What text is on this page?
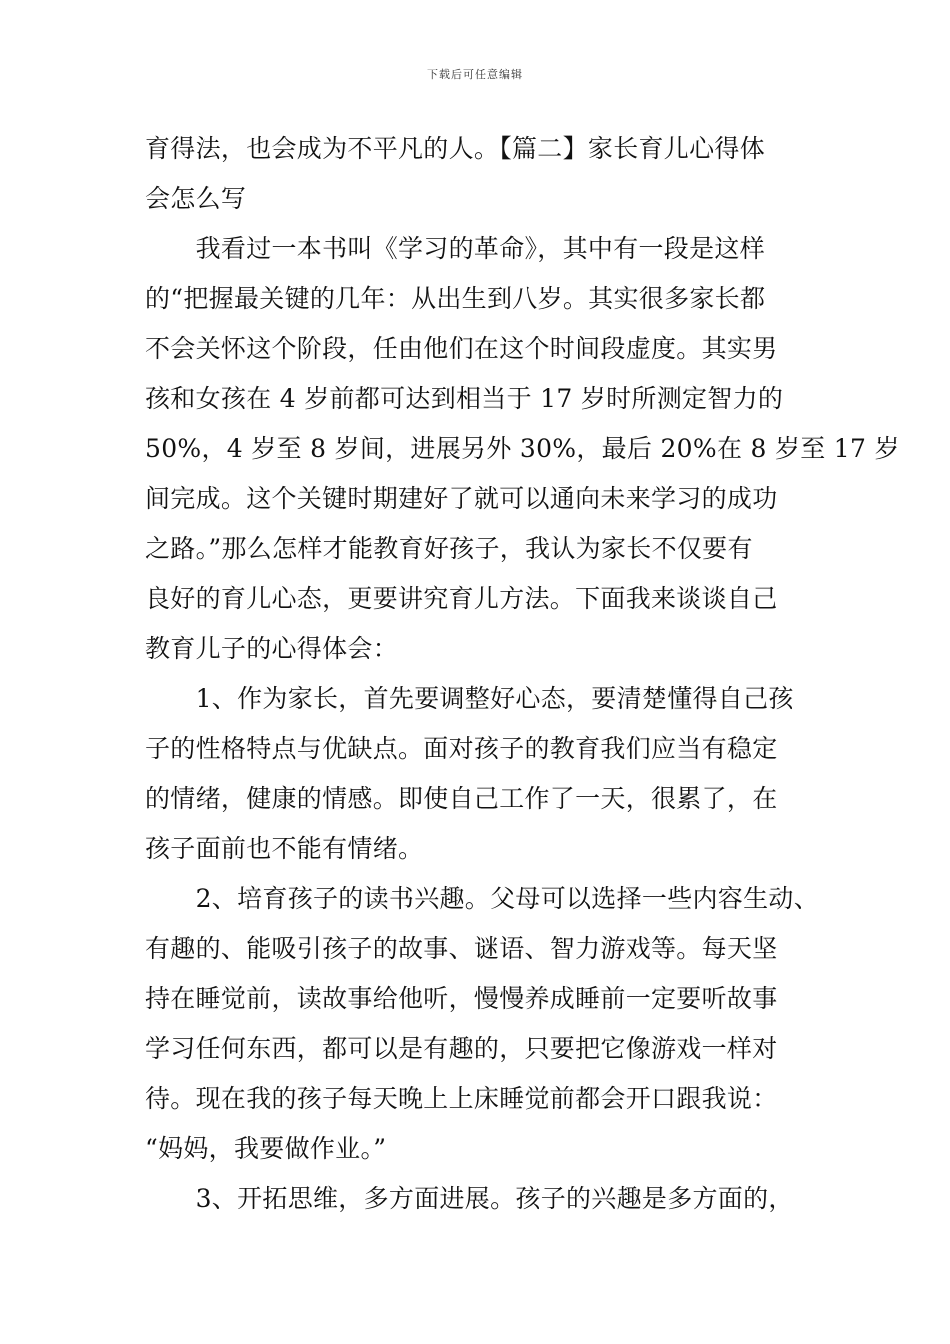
下载后可任意编辑
育得法，也会成为不平凡的人。【篇二】家长育儿心得体
会怎么写
　　我看过一本书叫《学习的革命》，其中有一段是这样
的“把握最关键的几年：从出生到八岁。其实很多家长都
不会关怀这个阶段，任由他们在这个时间段虚度。其实男
孩和女孩在 4 岁前都可达到相当于 17 岁时所测定智力的
50%，4 岁至 8 岁间，进展另外 30%，最后 20%在 8 岁至 17 岁
间完成。这个关键时期建好了就可以通向未来学习的成功
之路。”那么怎样才能教育好孩子，我认为家长不仅要有
良好的育儿心态，更要讲究育儿方法。下面我来谈谈自己
教育儿子的心得体会：
　　1、作为家长，首先要调整好心态，要清楚懂得自己孩
子的性格特点与优缺点。面对孩子的教育我们应当有稳定
的情绪，健康的情感。即使自己工作了一天，很累了，在
孩子面前也不能有情绪。
　　2、培育孩子的读书兴趣。父母可以选择一些内容生动、
有趣的、能吸引孩子的故事、谜语、智力游戏等。每天坚
持在睡觉前，读故事给他听，慢慢养成睡前一定要听故事
学习任何东西，都可以是有趣的，只要把它像游戏一样对
待。现在我的孩子每天晚上上床睡觉前都会开口跟我说：
“妈妈，我要做作业。”
　　3、开拓思维，多方面进展。孩子的兴趣是多方面的，
